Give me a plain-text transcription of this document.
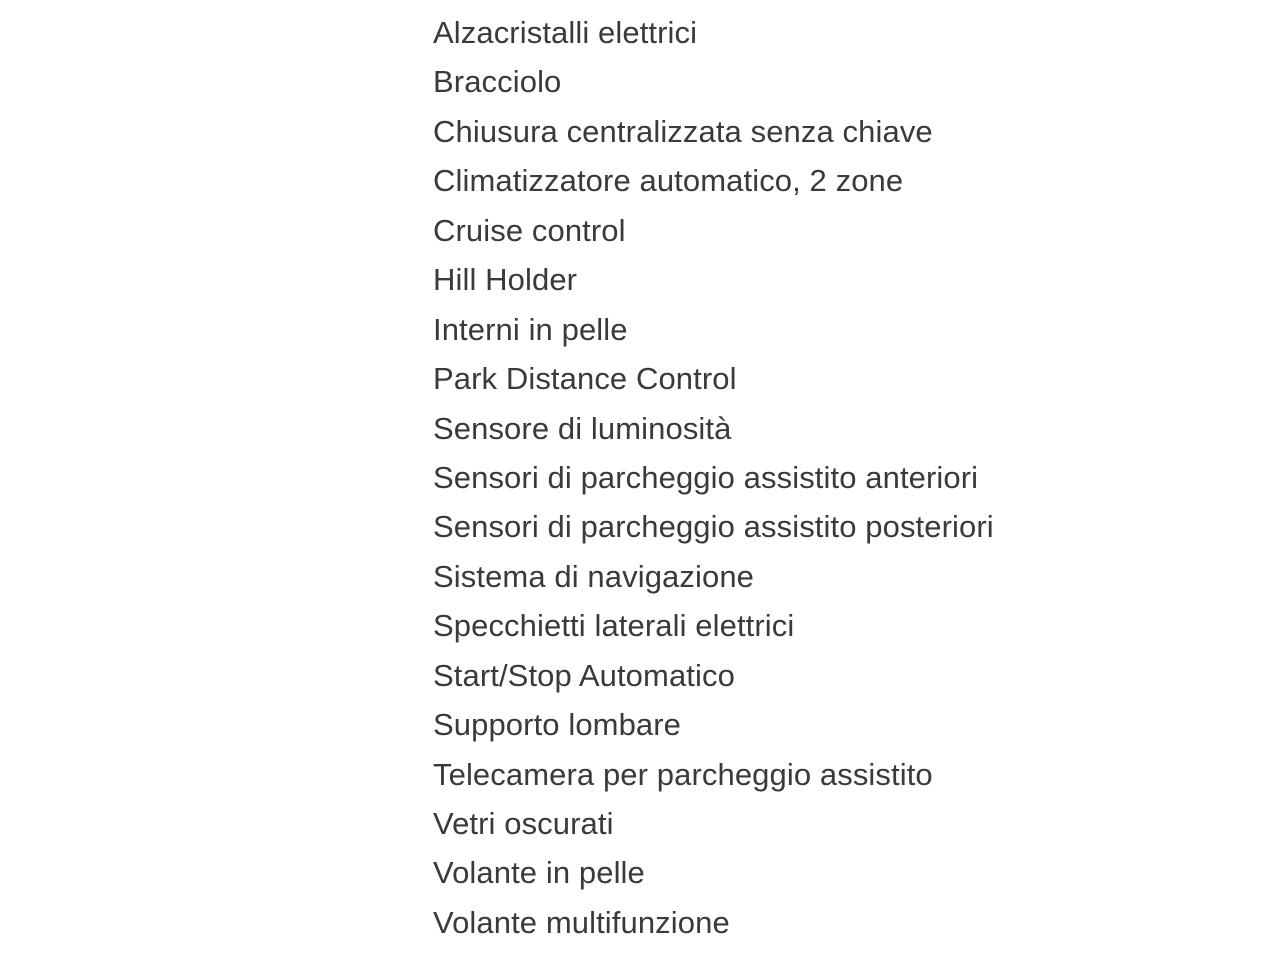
Alzacristalli elettrici
Bracciolo
Chiusura centralizzata senza chiave
Climatizzatore automatico, 2 zone
Cruise control
Hill Holder
Interni in pelle
Park Distance Control
Sensore di luminosità
Sensori di parcheggio assistito anteriori
Sensori di parcheggio assistito posteriori
Sistema di navigazione
Specchietti laterali elettrici
Start/Stop Automatico
Supporto lombare
Telecamera per parcheggio assistito
Vetri oscurati
Volante in pelle
Volante multifunzione
